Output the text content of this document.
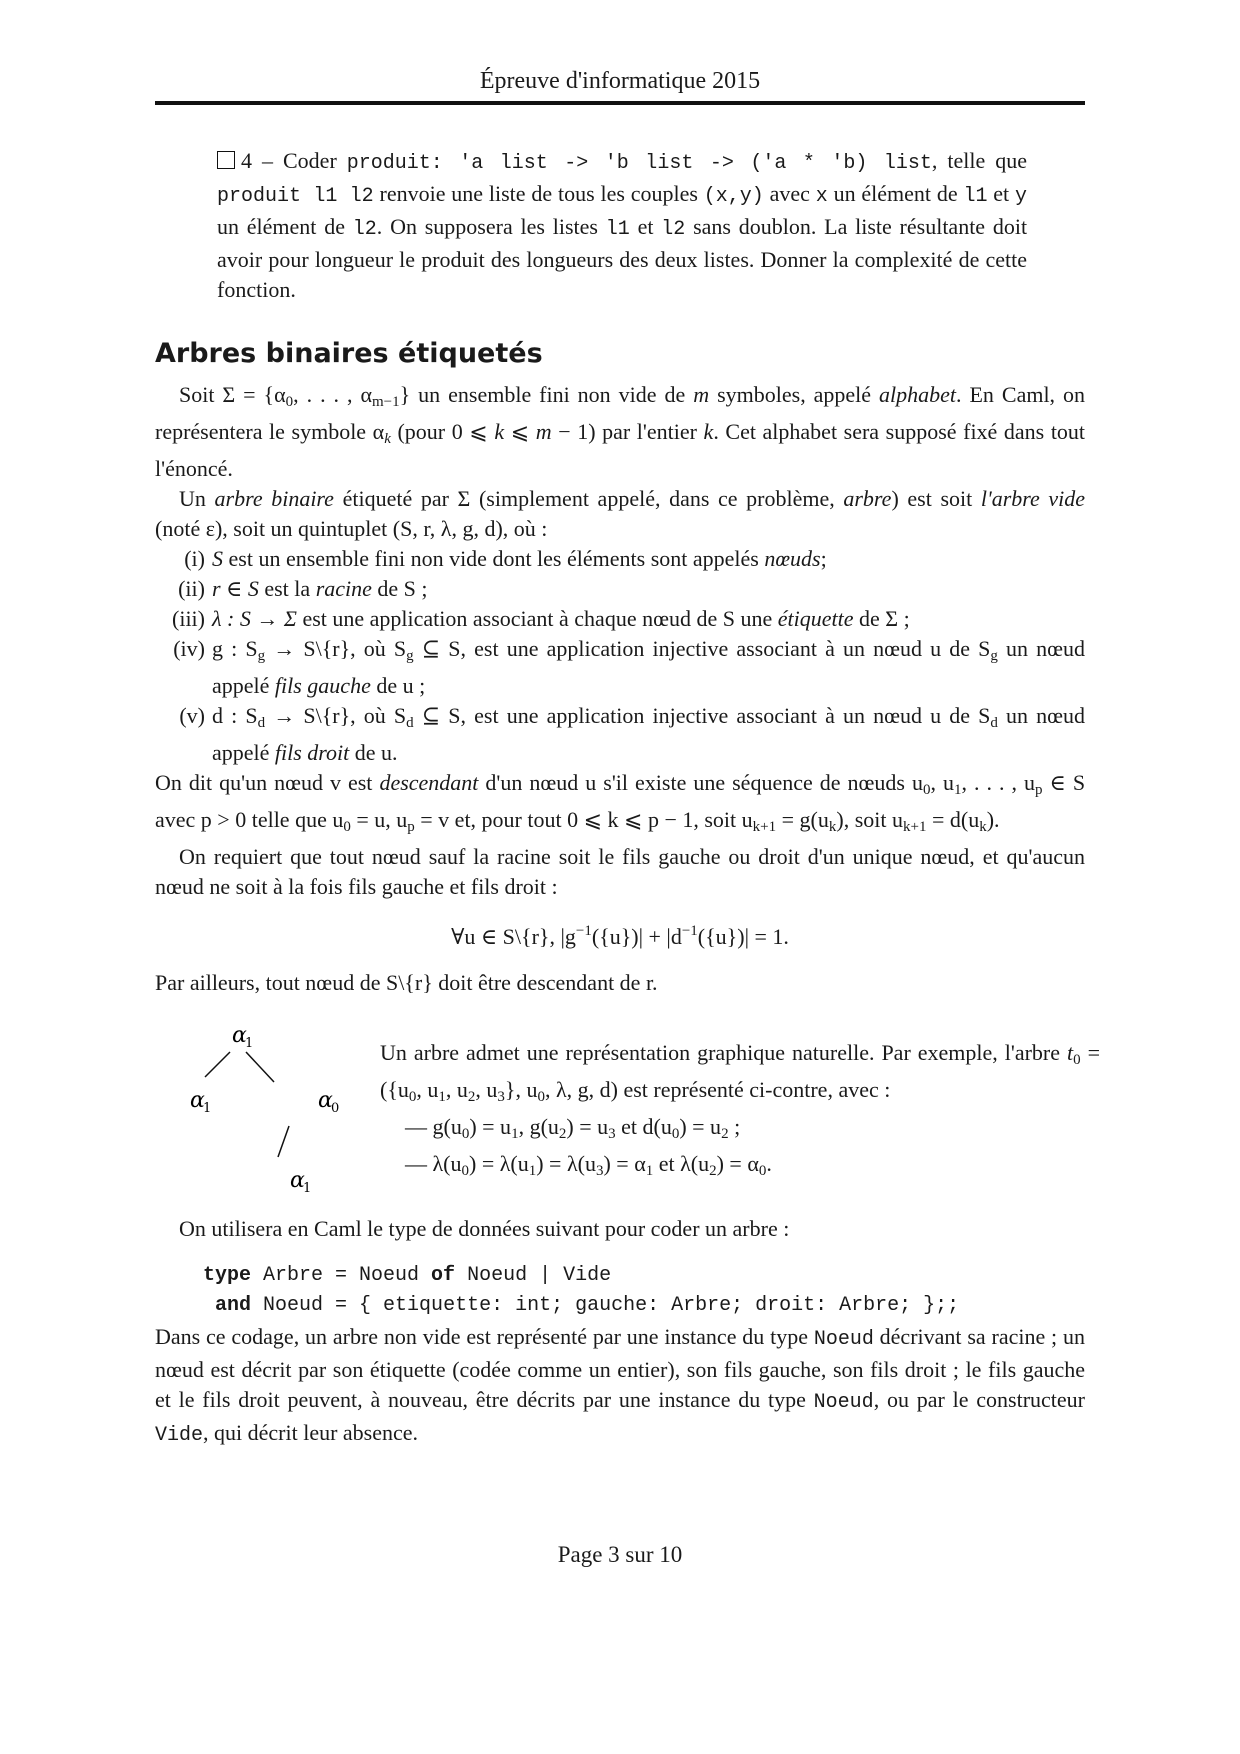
Épreuve d'informatique 2015
4 – Coder produit: 'a list -> 'b list -> ('a * 'b) list, telle que produit l1 l2 renvoie une liste de tous les couples (x,y) avec x un élément de l1 et y un élément de l2. On supposera les listes l1 et l2 sans doublon. La liste résultante doit avoir pour longueur le produit des longueurs des deux listes. Donner la complexité de cette fonction.
Arbres binaires étiquetés
Soit $\Sigma = \{\alpha_0$, . . . , $\alpha_{m-1}$} un ensemble fini non vide de m symboles, appelé alphabet. En Caml, on représentera le symbole $\alpha_k$ (pour 0 ⩽ k ⩽ m − 1) par l'entier k. Cet alphabet sera supposé fixé dans tout l'énoncé.
Un arbre binaire étiqueté par Σ (simplement appelé, dans ce problème, arbre) est soit l'arbre vide (noté ε), soit un quintuplet (S, r, λ, g, d), où :
(i) S est un ensemble fini non vide dont les éléments sont appelés nœuds;
(ii) r ∈ S est la racine de S ;
(iii) λ : S → Σ est une application associant à chaque nœud de S une étiquette de Σ ;
(iv) g : $S_g$ → S\{r}, où $S_g$ ⊆ S, est une application injective associant à un nœud u de $S_g$ un nœud appelé fils gauche de u ;
(v) d : $S_d$ → S\{r}, où $S_d$ ⊆ S, est une application injective associant à un nœud u de $S_d$ un nœud appelé fils droit de u.
On dit qu'un nœud v est descendant d'un nœud u s'il existe une séquence de nœuds $u_0$, $u_1$, . . . , $u_p$ ∈ S avec p > 0 telle que $u_0 = u$, $u_p = v$ et, pour tout 0 ⩽ k ⩽ p − 1, soit $u_{k+1} = g(u_k)$, soit $u_{k+1} = d(u_k)$.
On requiert que tout nœud sauf la racine soit le fils gauche ou droit d'un unique nœud, et qu'aucun nœud ne soit à la fois fils gauche et fils droit :
∀u ∈ S\{r}, $|g^{-1}(\{u\})| + |d^{-1}(\{u\})| = 1$.
Par ailleurs, tout nœud de S\{r} doit être descendant de r.
α
1
α
1	α
0
α
1
Un arbre admet une représentation graphique naturelle. Par exemple, l'arbre $t_0 = (\{u_0$, $u_1$, $u_2$, $u_3$}, $u_0$, λ, g, d) est représenté ci-contre, avec :
— $g(u_0) = u_1$, $g(u_2) = u_3$ et $d(u_0) = u_2$ ;
— $\lambda(u_0) = \lambda(u_1) = \lambda(u_3) = \alpha_1$ et $\lambda(u_2) = \alpha_0$.
On utilisera en Caml le type de données suivant pour coder un arbre :
type Arbre = Noeud of Noeud | Vide
and Noeud = { etiquette: int; gauche: Arbre; droit: Arbre; };;
Dans ce codage, un arbre non vide est représenté par une instance du type Noeud décrivant sa racine ; un nœud est décrit par son étiquette (codée comme un entier), son fils gauche, son fils droit ; le fils gauche et le fils droit peuvent, à nouveau, être décrits par une instance du type Noeud, ou par le constructeur Vide, qui décrit leur absence.
Page 3 sur 10
